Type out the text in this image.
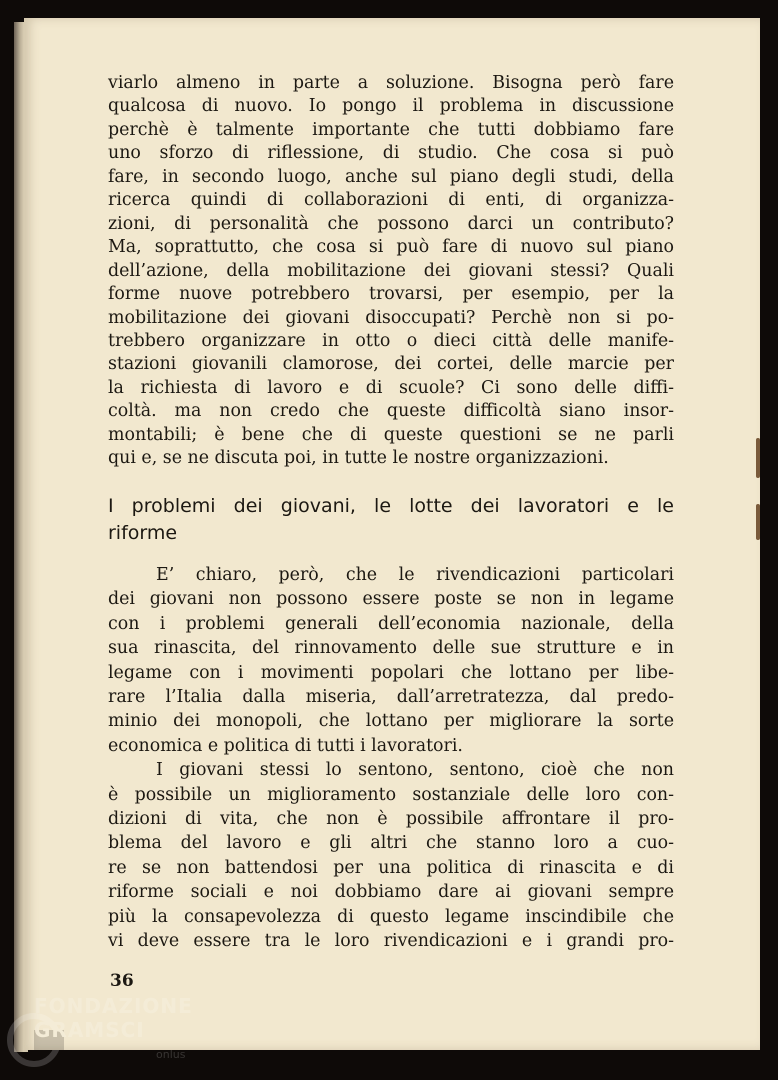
viarlo almeno in parte a soluzione. Bisogna però fare
qualcosa di nuovo. Io pongo il problema in discussione
perchè è talmente importante che tutti dobbiamo fare
uno sforzo di riflessione, di studio. Che cosa si può
fare, in secondo luogo, anche sul piano degli studi, della
ricerca quindi di collaborazioni di enti, di organizza-
zioni, di personalità che possono darci un contributo?
Ma, soprattutto, che cosa si può fare di nuovo sul piano
dell’azione, della mobilitazione dei giovani stessi? Quali
forme nuove potrebbero trovarsi, per esempio, per la
mobilitazione dei giovani disoccupati? Perchè non si po-
trebbero organizzare in otto o dieci città delle manife-
stazioni giovanili clamorose, dei cortei, delle marcie per
la richiesta di lavoro e di scuole? Ci sono delle diffi-
coltà. ma non credo che queste difficoltà siano insor-
montabili; è bene che di queste questioni se ne parli
qui e, se ne discuta poi, in tutte le nostre organizzazioni.
I problemi dei giovani, le lotte dei lavoratori e le
riforme
E’ chiaro, però, che le rivendicazioni particolari
dei giovani non possono essere poste se non in legame
con i problemi generali dell’economia nazionale, della
sua rinascita, del rinnovamento delle sue strutture e in
legame con i movimenti popolari che lottano per libe-
rare l’Italia dalla miseria, dall’arretratezza, dal predo-
minio dei monopoli, che lottano per migliorare la sorte
economica e politica di tutti i lavoratori.
I giovani stessi lo sentono, sentono, cioè che non
è possibile un miglioramento sostanziale delle loro con-
dizioni di vita, che non è possibile affrontare il pro-
blema del lavoro e gli altri che stanno loro a cuo-
re se non battendosi per una politica di rinascita e di
riforme sociali e noi dobbiamo dare ai giovani sempre
più la consapevolezza di questo legame inscindibile che
vi deve essere tra le loro rivendicazioni e i grandi pro-
36
onlus
